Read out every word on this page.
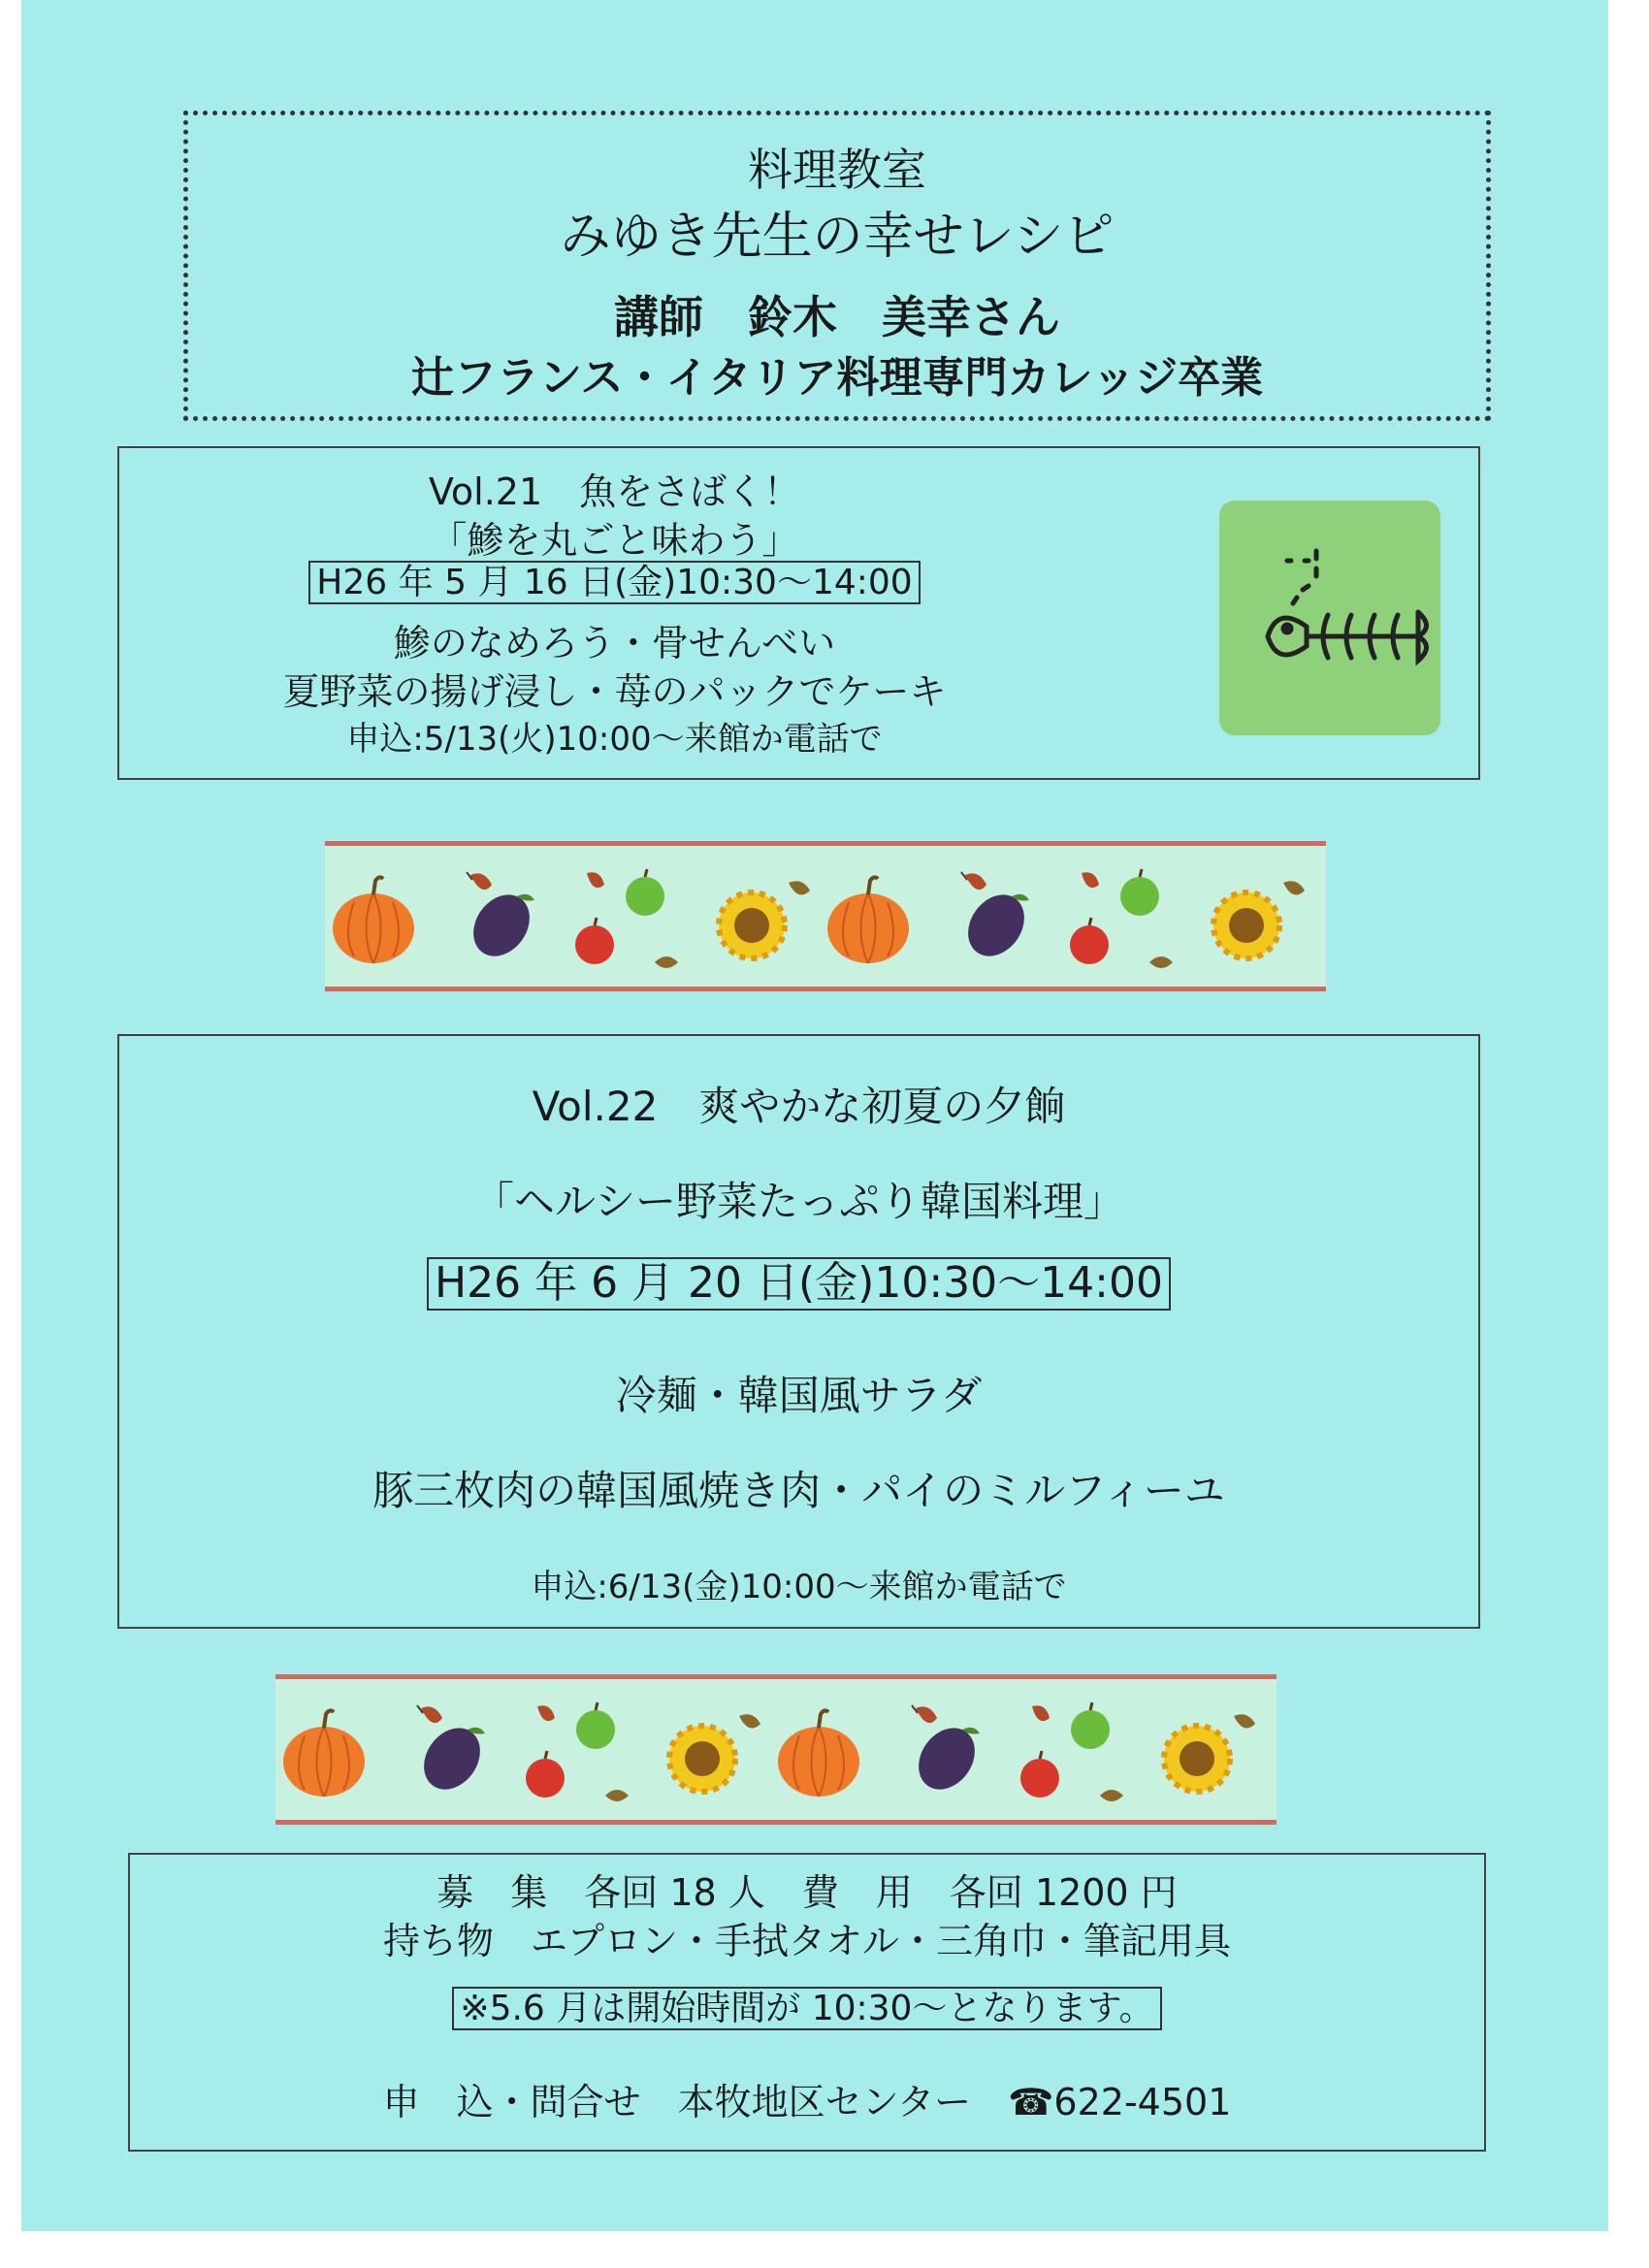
料理教室
みゆき先生の幸せレシピ
講師　鈴木　美幸さん
辻フランス・イタリア料理専門カレッジ卒業
Vol.21　魚をさばく！
「鯵を丸ごと味わう」
H26 年 5 月 16 日(金)10:30～14:00
鯵のなめろう・骨せんべい
夏野菜の揚げ浸し・苺のパックでケーキ
申込:5/13(火)10:00～来館か電話で
Vol.22　爽やかな初夏の夕餉
「ヘルシー野菜たっぷり韓国料理」
H26 年 6 月 20 日(金)10:30～14:00
冷麺・韓国風サラダ
豚三枚肉の韓国風焼き肉・パイのミルフィーユ
申込:6/13(金)10:00～来館か電話で
募　集　各回 18 人　費　用　各回 1200 円
持ち物　エプロン・手拭タオル・三角巾・筆記用具
※5.6 月は開始時間が 10:30～となります。
申　込・問合せ　本牧地区センター　☎622-4501
